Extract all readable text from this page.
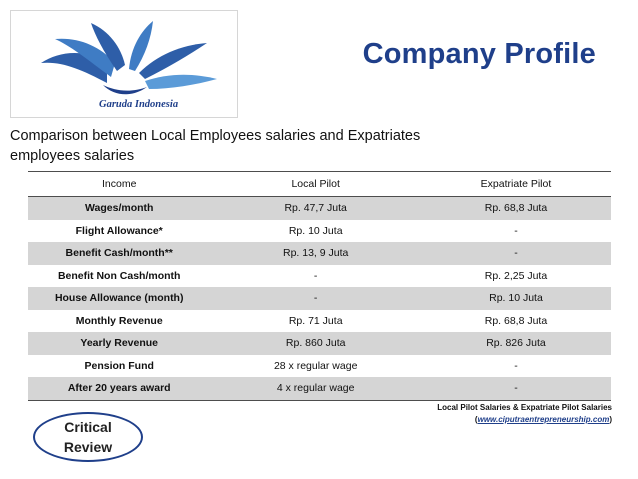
Garuda Indonesia
Company Profile
Comparison between Local Employees salaries and Expatriates employees salaries
Income	Local Pilot	Expatriate Pilot
Wages/month	Rp. 47,7 Juta	Rp. 68,8 Juta
Flight Allowance*	Rp. 10 Juta	-
Benefit Cash/month**	Rp. 13, 9 Juta	-
Benefit Non Cash/month	-	Rp. 2,25 Juta
House Allowance (month)	-	Rp. 10 Juta
Monthly Revenue	Rp. 71 Juta	Rp. 68,8 Juta
Yearly Revenue	Rp. 860 Juta	Rp. 826 Juta
Pension Fund	28 x regular wage	-
After 20 years award	4 x regular wage	-
Local Pilot Salaries & Expatriate Pilot Salaries
(www.ciputraentrepreneurship.com)
Critical
Review
